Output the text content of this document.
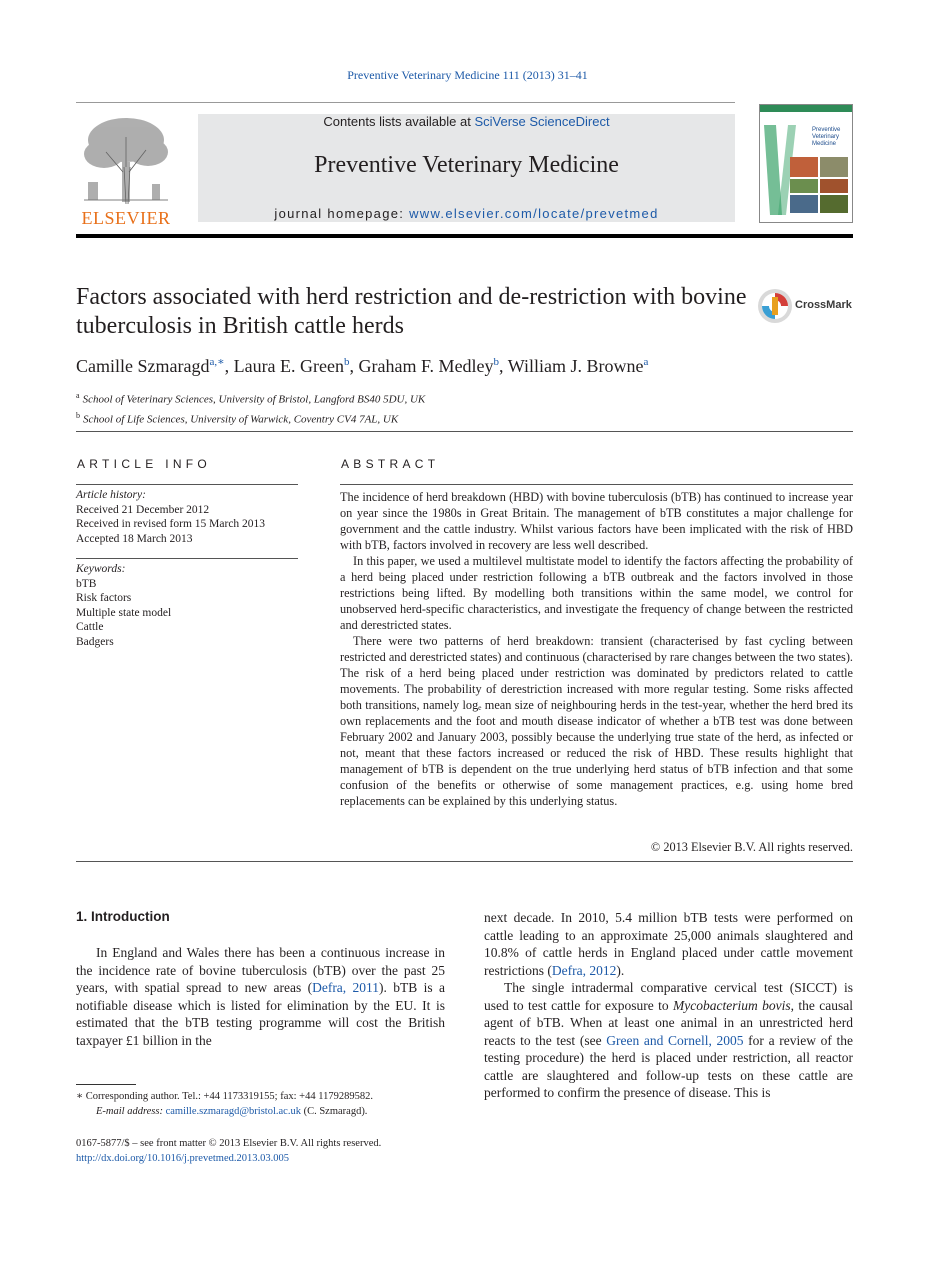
Preventive Veterinary Medicine 111 (2013) 31–41
ELSEVIER
Contents lists available at SciVerse ScienceDirect
Preventive Veterinary Medicine
journal homepage: www.elsevier.com/locate/prevetmed
Preventive Veterinary Medicine
Factors associated with herd restriction and de-restriction with bovine tuberculosis in British cattle herds
CrossMark
Camille Szmaragd$^{a,∗}$, Laura E. Green$^b$, Graham F. Medley$^b$, William J. Browne$^a$
$^a$ School of Veterinary Sciences, University of Bristol, Langford BS40 5DU, UK
$^b$ School of Life Sciences, University of Warwick, Coventry CV4 7AL, UK
ARTICLE INFO
Article history:
Received 21 December 2012
Received in revised form 15 March 2013
Accepted 18 March 2013
Keywords:
bTB
Risk factors
Multiple state model
Cattle
Badgers
ABSTRACT

The incidence of herd breakdown (HBD) with bovine tuberculosis (bTB) has continued to increase year on year since the 1980s in Great Britain. The management of bTB constitutes a major challenge for government and the cattle industry. Whilst various factors have been implicated with the risk of HBD with bTB, factors involved in recovery are less well described.

In this paper, we used a multilevel multistate model to identify the factors affecting the probability of a herd being placed under restriction following a bTB outbreak and the factors involved in those restrictions being lifted. By modelling both transitions within the same model, we control for unobserved herd-specific characteristics, and investigate the frequency of change between the restricted and derestricted states.

There were two patterns of herd breakdown: transient (characterised by fast cycling between restricted and derestricted states) and continuous (characterised by rare changes between the two states). The risk of a herd being placed under restriction was dominated by predictors related to cattle movements. The probability of derestriction increased with more regular testing. Some risks affected both transitions, namely logₑ mean size of neighbouring herds in the test-year, whether the herd bred its own replacements and the foot and mouth disease indicator of whether a bTB test was done between February 2002 and January 2003, possibly because the underlying true state of the herd, as infected or not, meant that these factors increased or reduced the risk of HBD. These results highlight that management of bTB is dependent on the true underlying herd status of bTB infection and that some confusion of the benefits or otherwise of some management practices, e.g. using home bred replacements can be explained by this underlying status.

© 2013 Elsevier B.V. All rights reserved.
1. Introduction

In England and Wales there has been a continuous increase in the incidence rate of bovine tuberculosis (bTB) over the past 25 years, with spatial spread to new areas (Defra, 2011). bTB is a notifiable disease which is listed for elimination by the EU. It is estimated that the bTB testing programme will cost the British taxpayer £1 billion in the

next decade. In 2010, 5.4 million bTB tests were performed on cattle leading to an approximate 25,000 animals slaughtered and 10.8% of cattle herds in England placed under cattle movement restrictions (Defra, 2012).

The single intradermal comparative cervical test (SICCT) is used to test cattle for exposure to Mycobacterium bovis, the causal agent of bTB. When at least one animal in an unrestricted herd reacts to the test (see Green and Cornell, 2005 for a review of the testing procedure) the herd is placed under restriction, all reactor cattle are slaughtered and follow-up tests on these cattle are performed to confirm the presence of disease. This is

∗ Corresponding author. Tel.: +44 1173319155; fax: +44 1179289582.
E-mail address: camille.szmaragd@bristol.ac.uk (C. Szmaragd).
0167-5877/$ – see front matter © 2013 Elsevier B.V. All rights reserved.
http://dx.doi.org/10.1016/j.prevetmed.2013.03.005
